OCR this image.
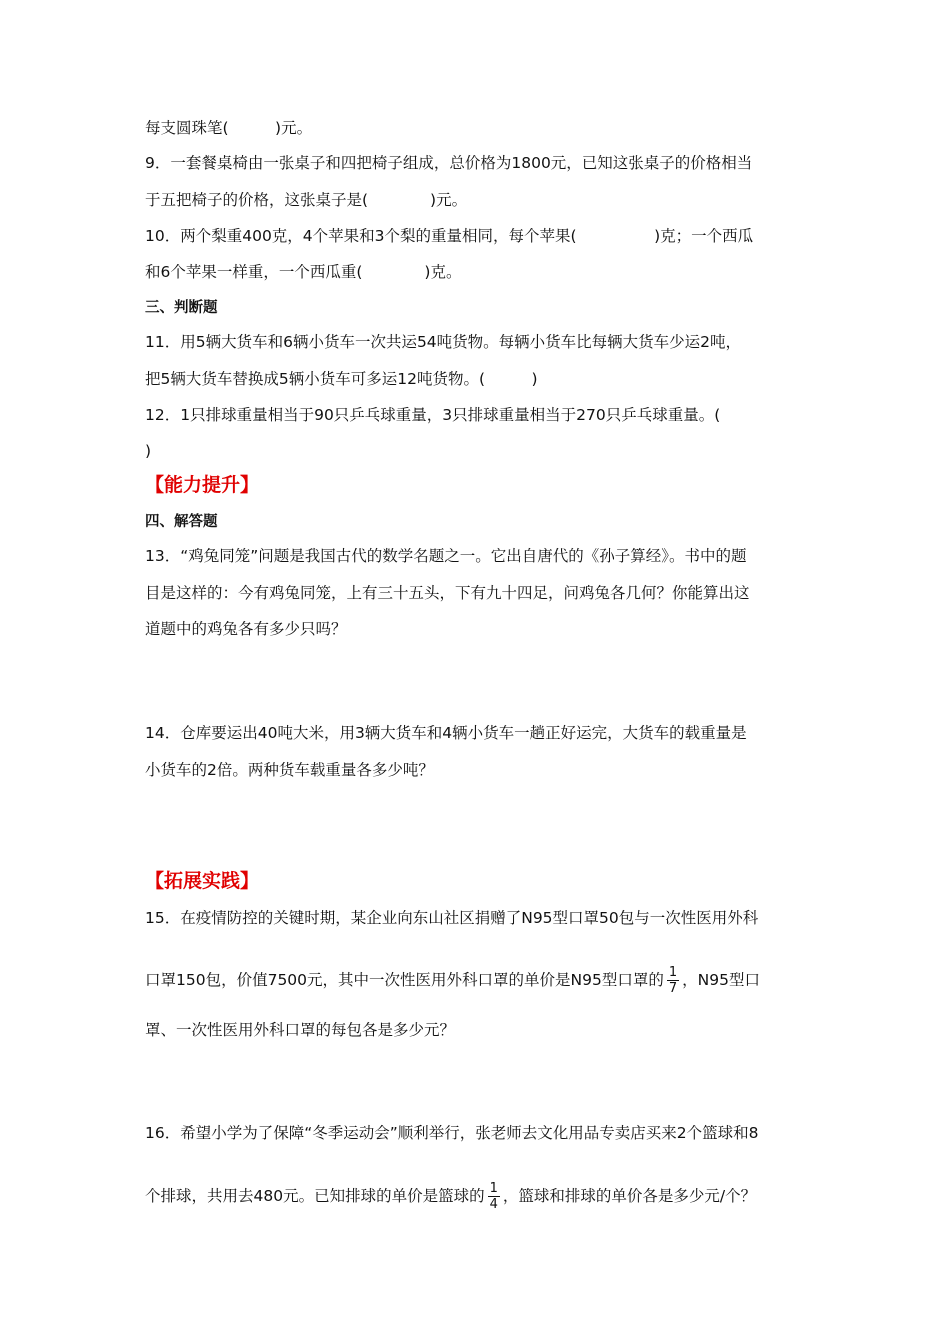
每支圆珠笔(　　　)元。
9．一套餐桌椅由一张桌子和四把椅子组成，总价格为1800元，已知这张桌子的价格相当
于五把椅子的价格，这张桌子是(　　　　)元。
10．两个梨重400克，4个苹果和3个梨的重量相同，每个苹果(　　　　　)克；一个西瓜
和6个苹果一样重，一个西瓜重(　　　　)克。
三、判断题
11．用5辆大货车和6辆小货车一次共运54吨货物。每辆小货车比每辆大货车少运2吨，
把5辆大货车替换成5辆小货车可多运12吨货物。(　　　)
12．1只排球重量相当于90只乒乓球重量，3只排球重量相当于270只乒乓球重量。(
)
【能力提升】
四、解答题
13．“鸡兔同笼”问题是我国古代的数学名题之一。它出自唐代的《孙子算经》。书中的题
目是这样的：今有鸡兔同笼，上有三十五头，下有九十四足，问鸡兔各几何？你能算出这
道题中的鸡兔各有多少只吗？
14．仓库要运出40吨大米，用3辆大货车和4辆小货车一趟正好运完，大货车的载重量是
小货车的2倍。两种货车载重量各多少吨？
【拓展实践】
15．在疫情防控的关键时期，某企业向东山社区捐赠了N95型口罩50包与一次性医用外科
口罩150包，价值7500元，其中一次性医用外科口罩的单价是N95型口罩的 $\frac{1}{7}$ ，N95型口
罩、一次性医用外科口罩的每包各是多少元？
16．希望小学为了保障“冬季运动会”顺利举行，张老师去文化用品专卖店买来2个篮球和8
个排球，共用去480元。已知排球的单价是篮球的 $\frac{1}{4}$ ，篮球和排球的单价各是多少元/个？
